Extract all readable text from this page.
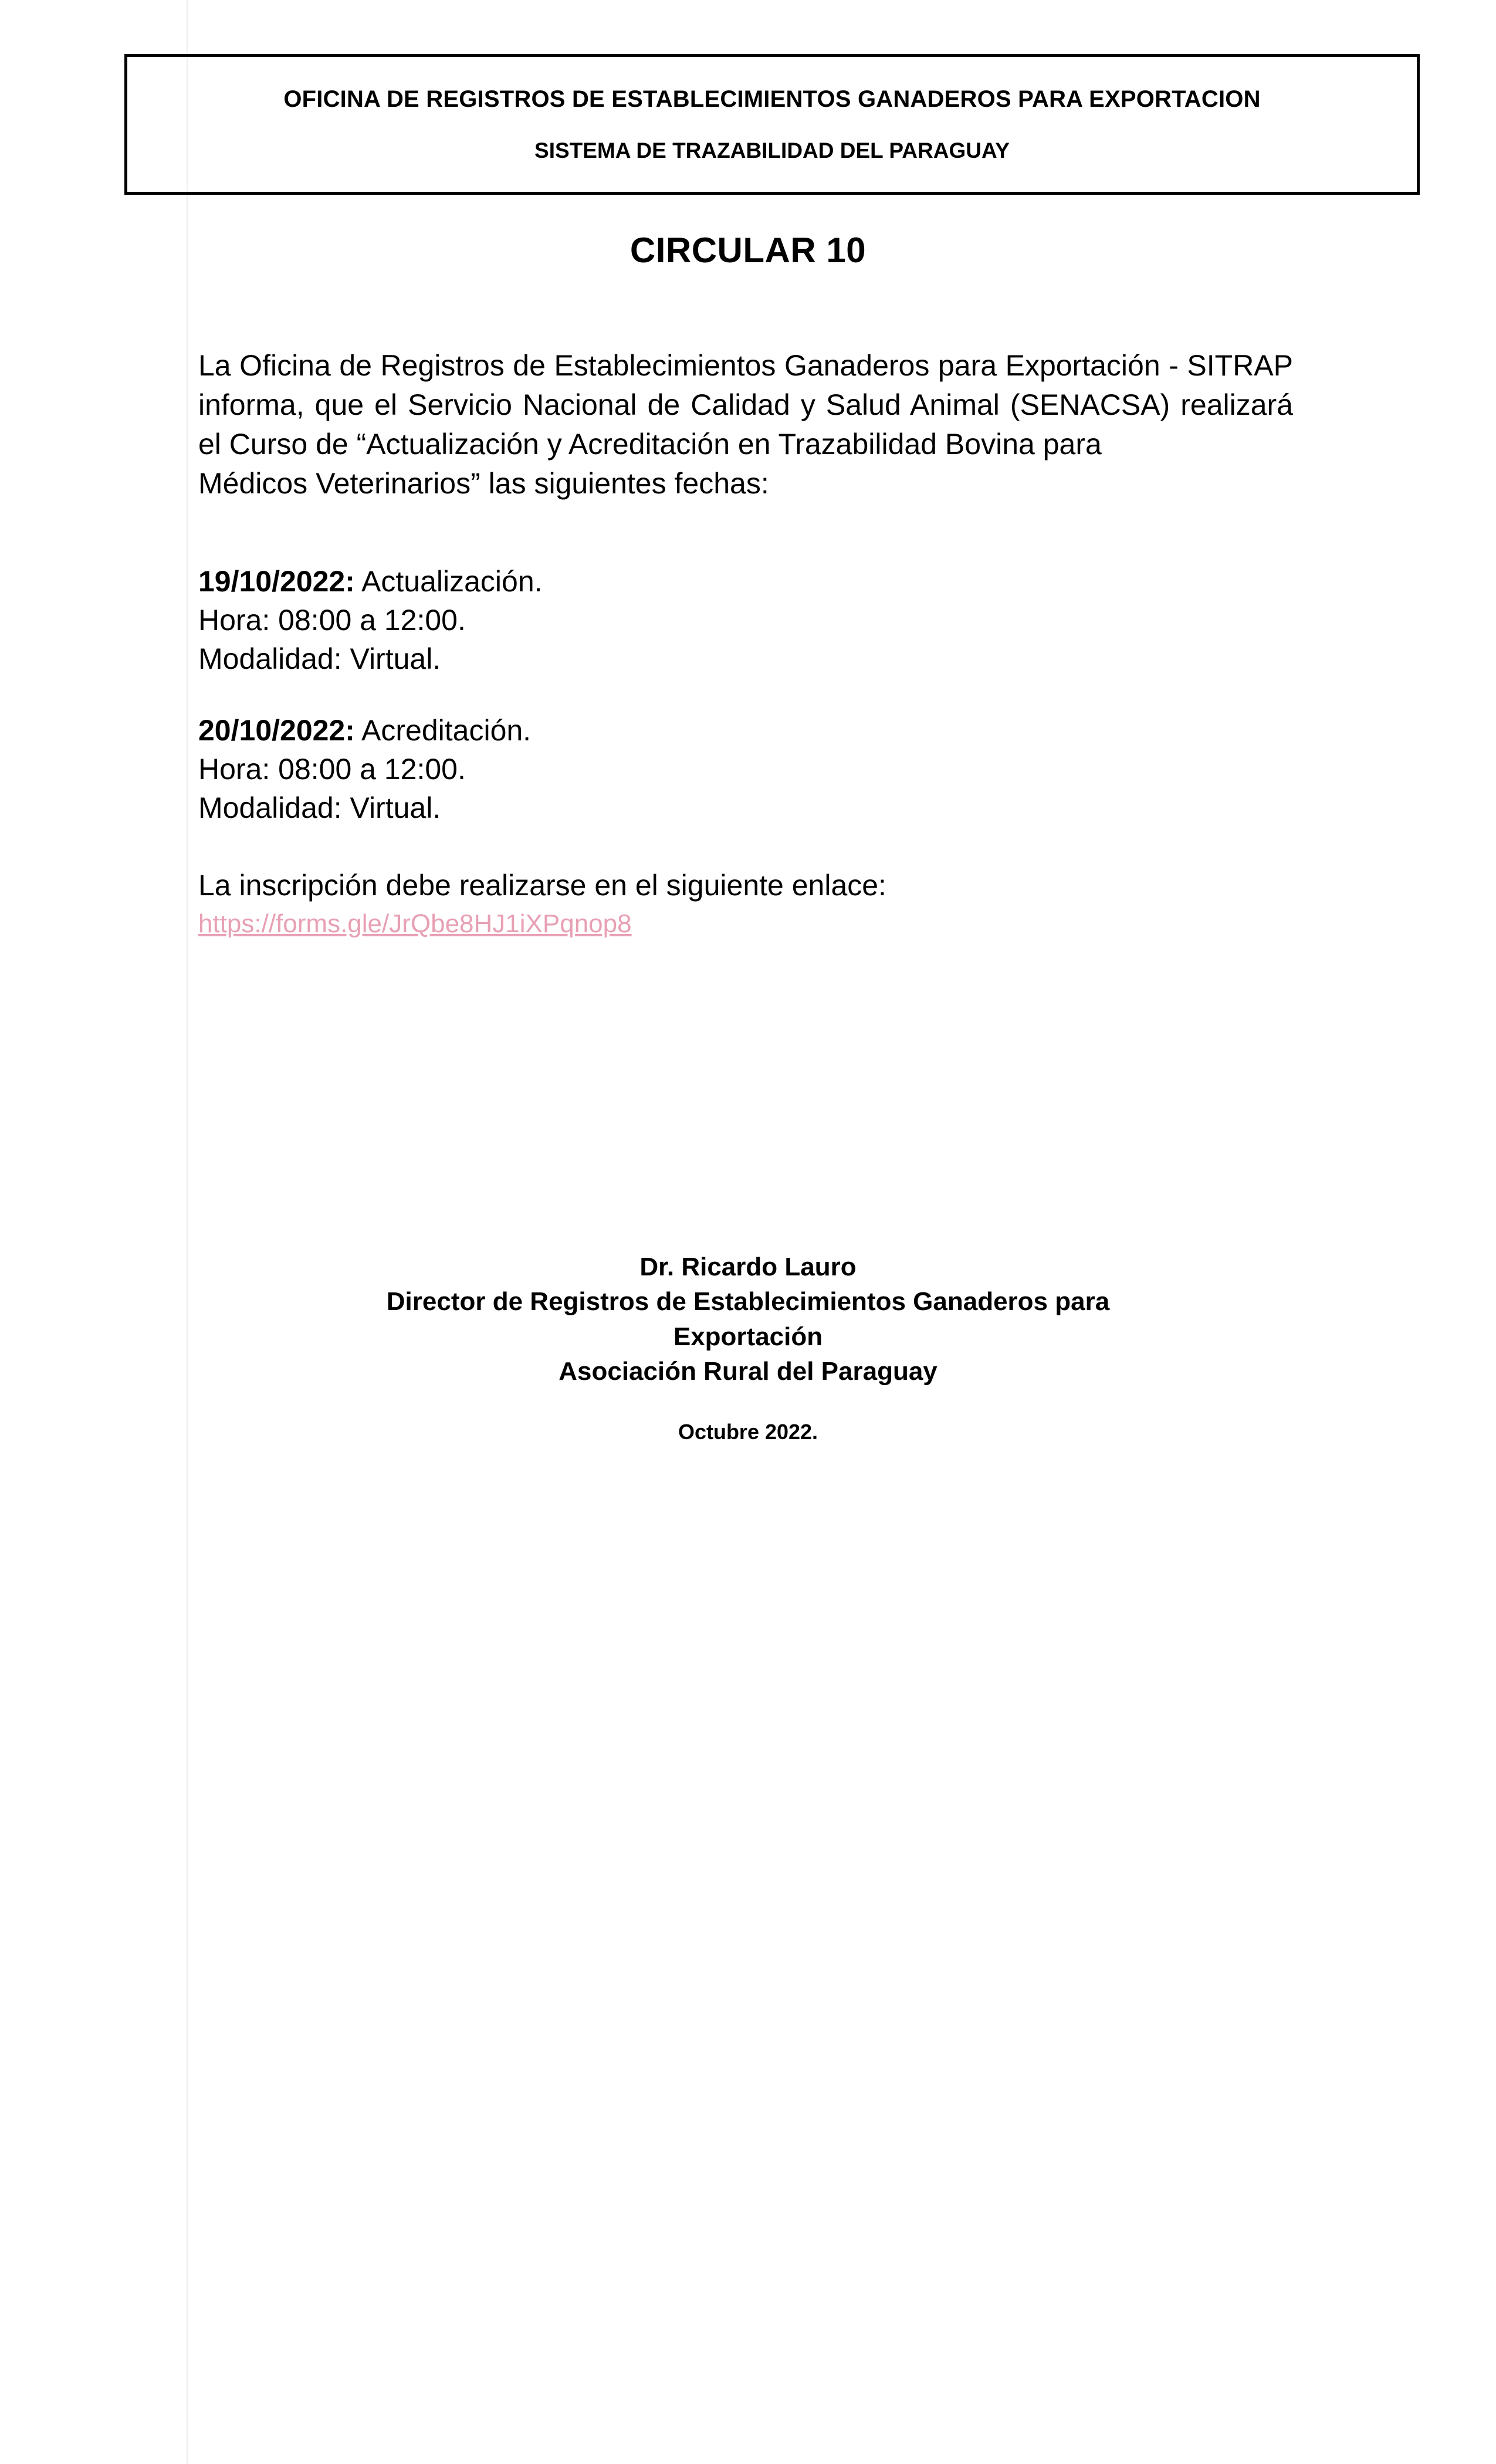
OFICINA DE REGISTROS DE ESTABLECIMIENTOS GANADEROS PARA EXPORTACION
SISTEMA DE TRAZABILIDAD DEL PARAGUAY
CIRCULAR 10
La Oficina de Registros de Establecimientos Ganaderos para Exportación - SITRAP informa, que el Servicio Nacional de Calidad y Salud Animal (SENACSA) realizará el Curso de “Actualización y Acreditación en Trazabilidad Bovina para
Médicos Veterinarios” las siguientes fechas:
19/10/2022: Actualización.
Hora: 08:00 a 12:00.
Modalidad: Virtual.
20/10/2022: Acreditación.
Hora: 08:00 a 12:00.
Modalidad: Virtual.
La inscripción debe realizarse en el siguiente enlace:
https://forms.gle/JrQbe8HJ1iXPqnop8
Dr. Ricardo Lauro
Director de Registros de Establecimientos Ganaderos para
Exportación
Asociación Rural del Paraguay
Octubre 2022.
